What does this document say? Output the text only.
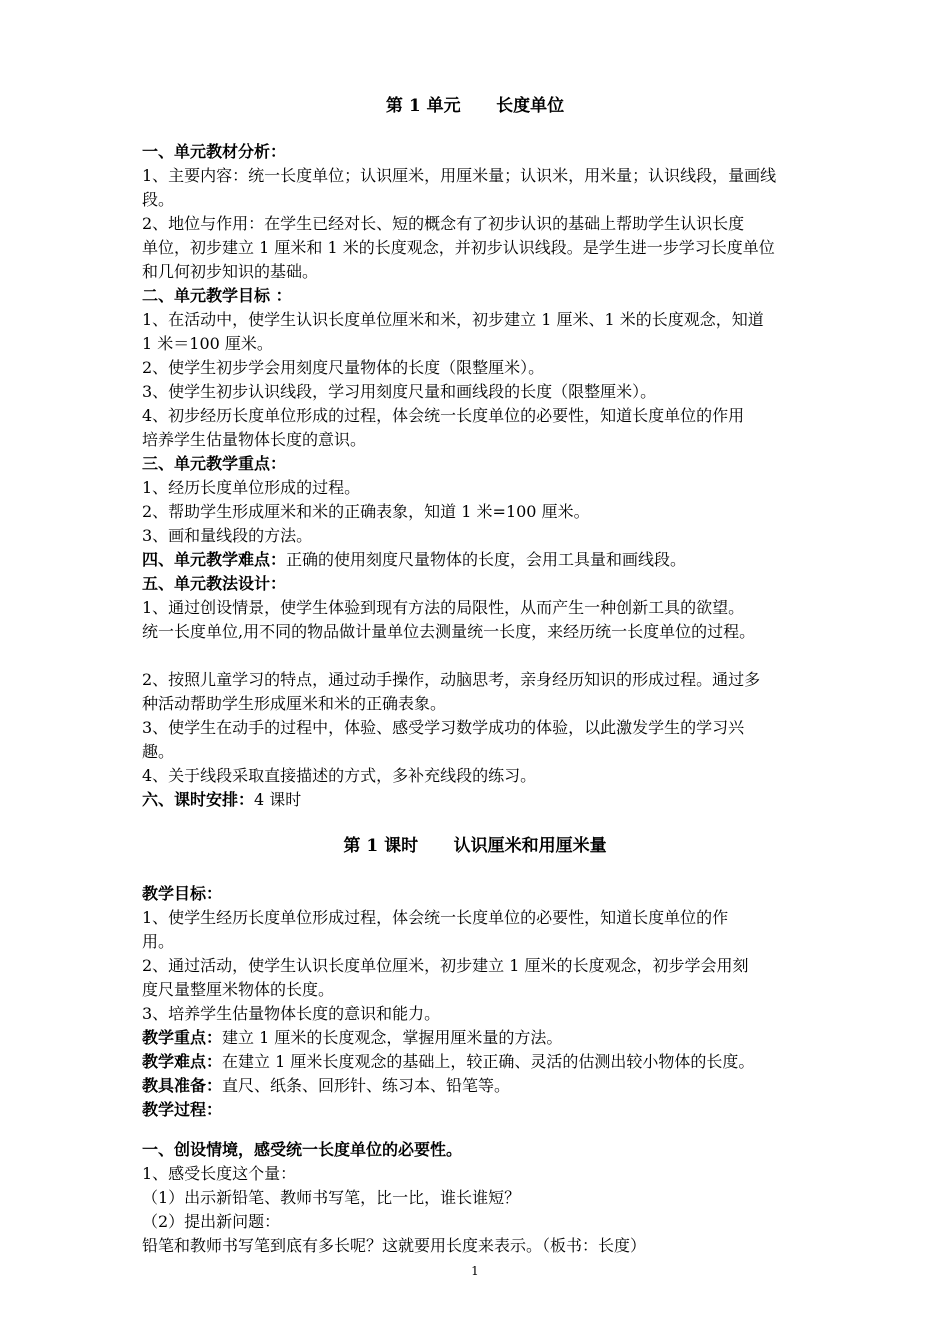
第 1 单元      长度单位
一、单元教材分析：
1、主要内容：统一长度单位；认识厘米，用厘米量；认识米，用米量；认识线段，量画线
段。
2、地位与作用：在学生已经对长、短的概念有了初步认识的基础上帮助学生认识长度
单位，初步建立 1 厘米和 1 米的长度观念，并初步认识线段。是学生进一步学习长度单位
和几何初步知识的基础。
二、单元教学目标 ：
1、在活动中，使学生认识长度单位厘米和米，初步建立 1 厘米、1 米的长度观念，知道
1 米＝100 厘米。
2、使学生初步学会用刻度尺量物体的长度（限整厘米）。
3、使学生初步认识线段，学习用刻度尺量和画线段的长度（限整厘米）。
4、初步经历长度单位形成的过程，体会统一长度单位的必要性，知道长度单位的作用
培养学生估量物体长度的意识。
三、单元教学重点：
1、经历长度单位形成的过程。
2、帮助学生形成厘米和米的正确表象，知道 1 米=100 厘米。
3、画和量线段的方法。
四、单元教学难点：正确的使用刻度尺量物体的长度，会用工具量和画线段。
五、单元教法设计：
1、通过创设情景，使学生体验到现有方法的局限性，从而产生一种创新工具的欲望。
统一长度单位,用不同的物品做计量单位去测量统一长度，来经历统一长度单位的过程。
2、按照儿童学习的特点，通过动手操作，动脑思考，亲身经历知识的形成过程。通过多
种活动帮助学生形成厘米和米的正确表象。
3、使学生在动手的过程中，体验、感受学习数学成功的体验，以此激发学生的学习兴
趣。
4、关于线段采取直接描述的方式，多补充线段的练习。
六、课时安排：4 课时
第 1 课时      认识厘米和用厘米量
教学目标：
1、使学生经历长度单位形成过程，体会统一长度单位的必要性，知道长度单位的作
用。
2、通过活动，使学生认识长度单位厘米，初步建立 1 厘米的长度观念，初步学会用刻
度尺量整厘米物体的长度。
3、培养学生估量物体长度的意识和能力。
教学重点：建立 1 厘米的长度观念，掌握用厘米量的方法。
教学难点：在建立 1 厘米长度观念的基础上，较正确、灵活的估测出较小物体的长度。
教具准备：直尺、纸条、回形针、练习本、铅笔等。
教学过程：
一、创设情境，感受统一长度单位的必要性。
1、感受长度这个量：
（1）出示新铅笔、教师书写笔，比一比，谁长谁短？
（2）提出新问题：
铅笔和教师书写笔到底有多长呢？这就要用长度来表示。（板书：长度）
1
